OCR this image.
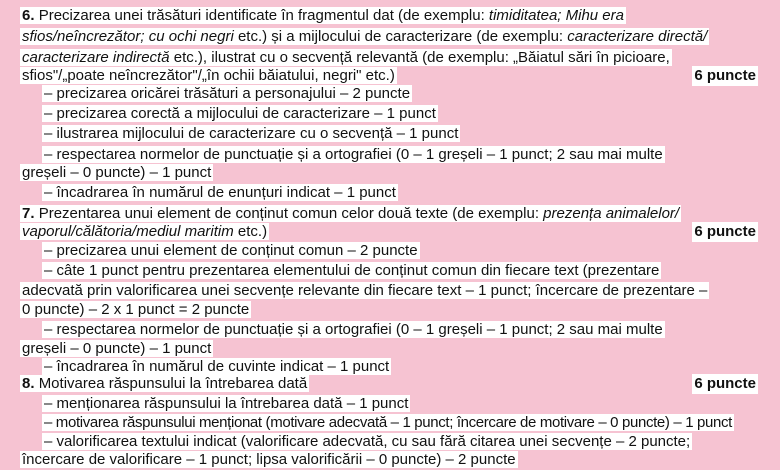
6. Precizarea unei trăsături identificate în fragmentul dat (de exemplu: timiditatea; Mihu era
sfios/neîncrezător; cu ochi negri etc.) și a mijlocului de caracterizare (de exemplu: caracterizare directă/
caracterizare indirectă etc.), ilustrat cu o secvență relevantă (de exemplu: „Băiatul sări în picioare,
sfios"/„poate neîncrezător"/„în ochii băiatului, negri" etc.)	6 puncte
– precizarea oricărei trăsături a personajului – 2 puncte
– precizarea corectă a mijlocului de caracterizare – 1 punct
– ilustrarea mijlocului de caracterizare cu o secvență – 1 punct
– respectarea normelor de punctuație și a ortografiei (0 – 1 greșeli – 1 punct; 2 sau mai multe
greșeli – 0 puncte) – 1 punct
– încadrarea în numărul de enunțuri indicat – 1 punct
7. Prezentarea unui element de conținut comun celor două texte (de exemplu: prezența animalelor/
vaporul/călătoria/mediul maritim etc.)	6 puncte
– precizarea unui element de conținut comun – 2 puncte
– câte 1 punct pentru prezentarea elementului de conținut comun din fiecare text (prezentare
adecvată prin valorificarea unei secvențe relevante din fiecare text – 1 punct; încercare de prezentare –
0 puncte) – 2 x 1 punct = 2 puncte
– respectarea normelor de punctuație și a ortografiei (0 – 1 greșeli – 1 punct; 2 sau mai multe
greșeli – 0 puncte) – 1 punct
– încadrarea în numărul de cuvinte indicat – 1 punct
8. Motivarea răspunsului la întrebarea dată	6 puncte
– menționarea răspunsului la întrebarea dată – 1 punct
– motivarea răspunsului menționat (motivare adecvată – 1 punct; încercare de motivare – 0 puncte) – 1 punct
– valorificarea textului indicat (valorificare adecvată, cu sau fără citarea unei secvențe – 2 puncte;
încercare de valorificare – 1 punct; lipsa valorificării – 0 puncte) – 2 puncte
